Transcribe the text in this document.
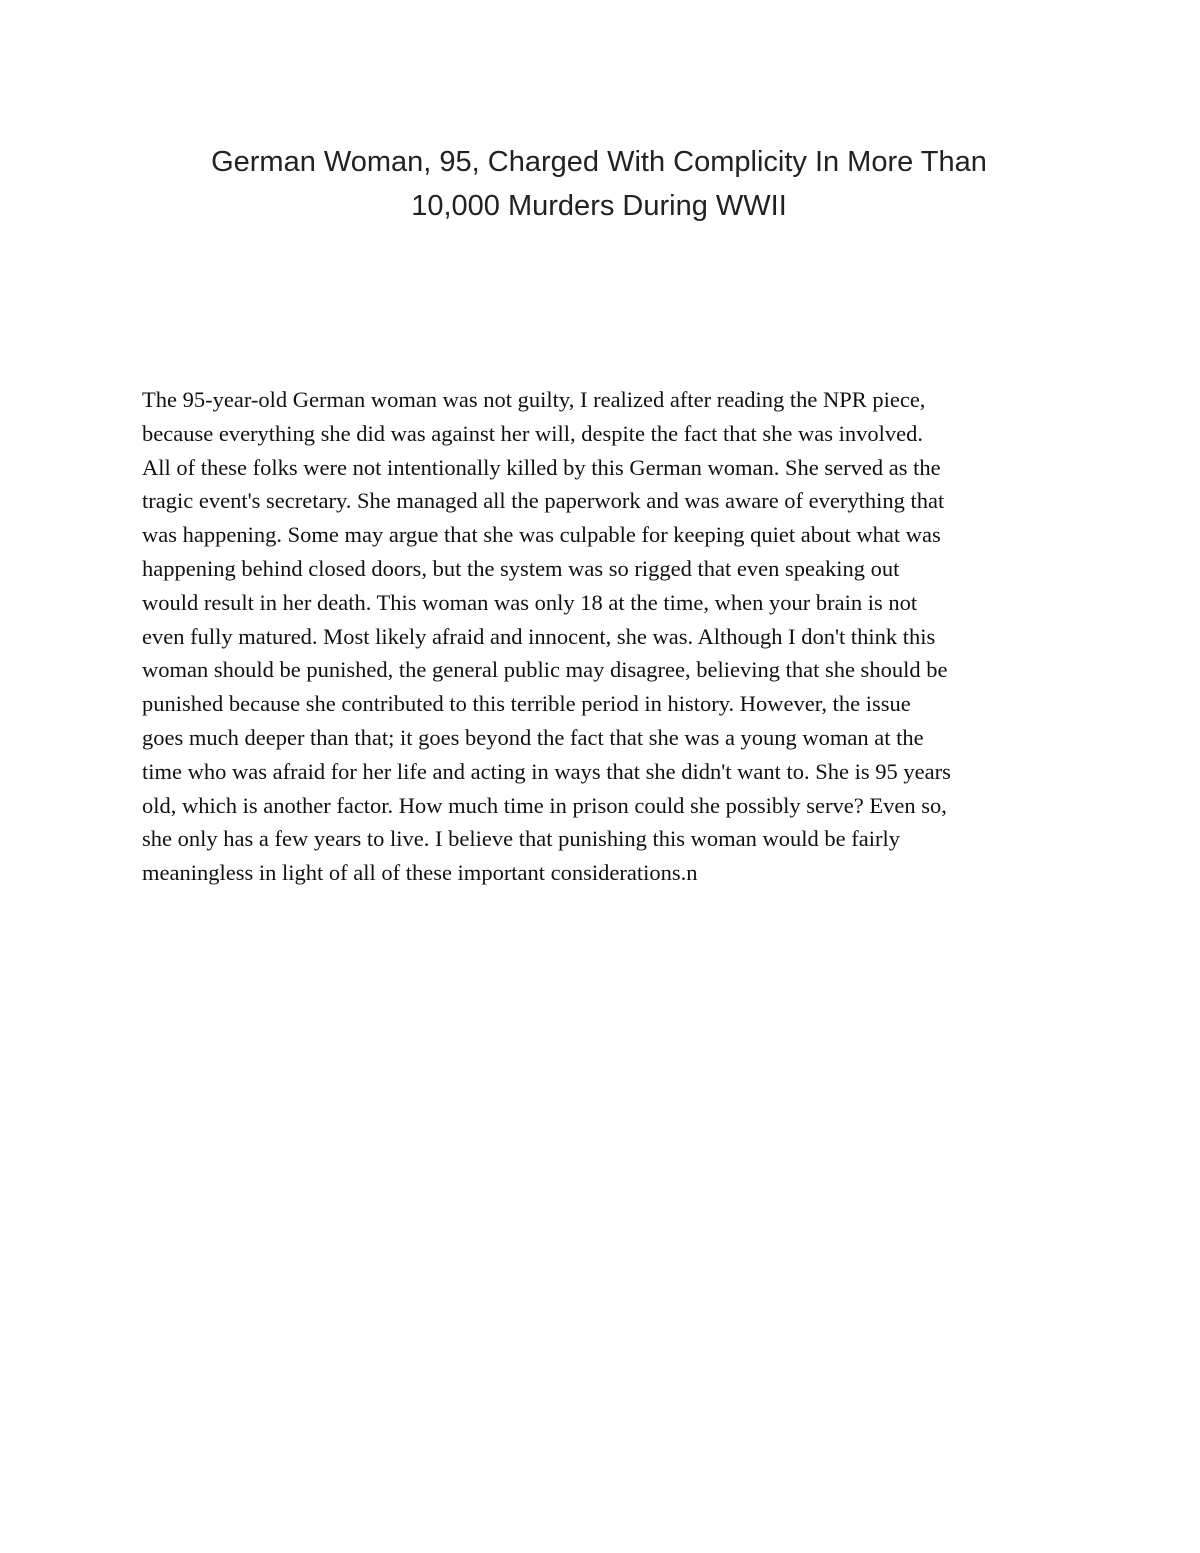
German Woman, 95, Charged With Complicity In More Than
10,000 Murders During WWII

The 95-year-old German woman was not guilty, I realized after reading the NPR piece,
because everything she did was against her will, despite the fact that she was involved.
All of these folks were not intentionally killed by this German woman. She served as the
tragic event's secretary. She managed all the paperwork and was aware of everything that
was happening. Some may argue that she was culpable for keeping quiet about what was
happening behind closed doors, but the system was so rigged that even speaking out
would result in her death. This woman was only 18 at the time, when your brain is not
even fully matured. Most likely afraid and innocent, she was. Although I don't think this
woman should be punished, the general public may disagree, believing that she should be
punished because she contributed to this terrible period in history. However, the issue
goes much deeper than that; it goes beyond the fact that she was a young woman at the
time who was afraid for her life and acting in ways that she didn't want to. She is 95 years
old, which is another factor. How much time in prison could she possibly serve? Even so,
she only has a few years to live. I believe that punishing this woman would be fairly
meaningless in light of all of these important considerations.n
